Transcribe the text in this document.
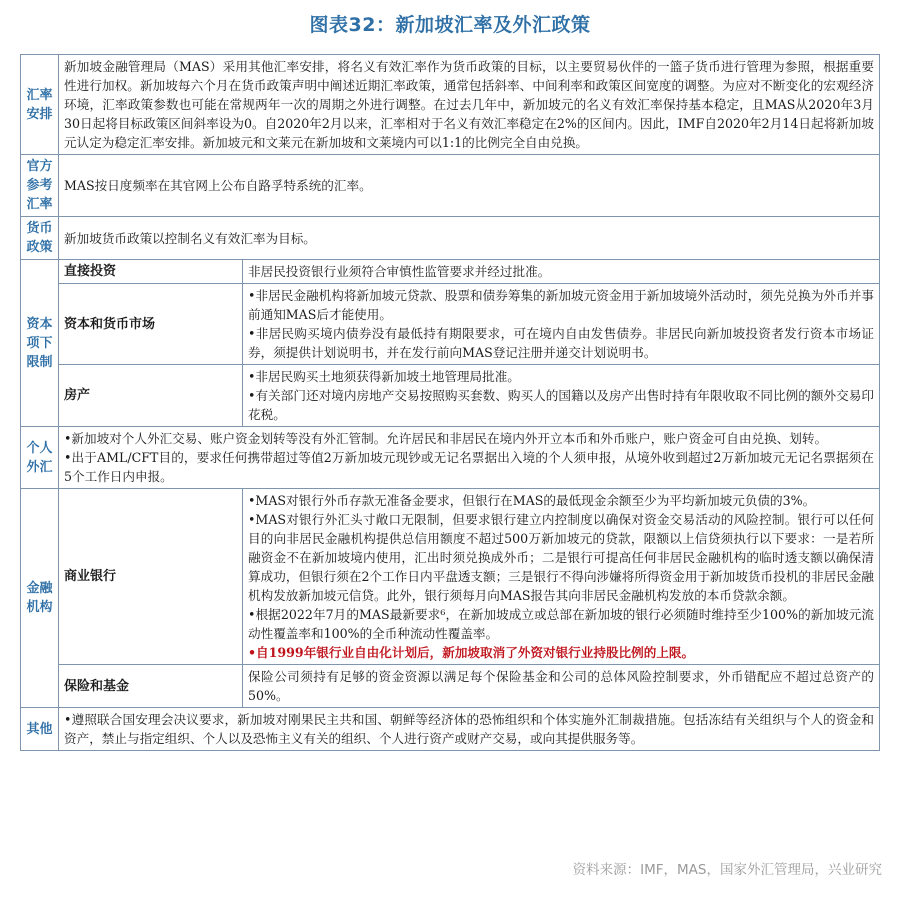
图表32：新加坡汇率及外汇政策
汇率安排	新加坡金融管理局（MAS）采用其他汇率安排，将名义有效汇率作为货币政策的目标，以主要贸易伙伴的一篮子货币进行管理为参照，根据重要性进行加权。新加坡每六个月在货币政策声明中阐述近期汇率政策，通常包括斜率、中间利率和政策区间宽度的调整。为应对不断变化的宏观经济环境，汇率政策参数也可能在常规两年一次的周期之外进行调整。在过去几年中，新加坡元的名义有效汇率保持基本稳定，且MAS从2020年3月30日起将目标政策区间斜率设为0。自2020年2月以来，汇率相对于名义有效汇率稳定在2%的区间内。因此，IMF自2020年2月14日起将新加坡元认定为稳定汇率安排。新加坡元和文莱元在新加坡和文莱境内可以1:1的比例完全自由兑换。	
官方参考汇率	MAS按日度频率在其官网上公布自路孚特系统的汇率。	
货币政策	新加坡货币政策以控制名义有效汇率为目标。	
资本项下限制	直接投资	非居民投资银行业须符合审慎性监管要求并经过批准。
	资本和货币市场	•非居民金融机构将新加坡元贷款、股票和债券筹集的新加坡元资金用于新加坡境外活动时，须先兑换为外币并事前通知MAS后才能使用。
•非居民购买境内债券没有最低持有期限要求，可在境内自由发售债券。非居民向新加坡投资者发行资本市场证券，须提供计划说明书，并在发行前向MAS登记注册并递交计划说明书。

	房产	•非居民购买土地须获得新加坡土地管理局批准。
•有关部门还对境内房地产交易按照购买套数、购买人的国籍以及房产出售时持有年限收取不同比例的额外交易印花税。

个人外汇	•新加坡对个人外汇交易、账户资金划转等没有外汇管制。允许居民和非居民在境内外开立本币和外币账户，账户资金可自由兑换、划转。
•出于AML/CFT目的，要求任何携带超过等值2万新加坡元现钞或无记名票据出入境的个人须申报，从境外收到超过2万新加坡元无记名票据须在5个工作日内申报。	

金融机构	商业银行	•MAS对银行外币存款无准备金要求，但银行在MAS的最低现金余额至少为平均新加坡元负债的3%。
•MAS对银行外汇头寸敞口无限制，但要求银行建立内控制度以确保对资金交易活动的风险控制。银行可以任何目的向非居民金融机构提供总信用额度不超过500万新加坡元的贷款，限额以上信贷须执行以下要求：一是若所融资金不在新加坡境内使用，汇出时须兑换成外币；二是银行可提高任何非居民金融机构的临时透支额以确保清算成功，但银行须在2个工作日内平盘透支额；三是银行不得向涉嫌将所得资金用于新加坡货币投机的非居民金融机构发放新加坡元信贷。此外，银行须每月向MAS报告其向非居民金融机构发放的本币贷款余额。
•根据2022年7月的MAS最新要求⁶，在新加坡成立或总部在新加坡的银行必须随时维持至少100%的新加坡元流动性覆盖率和100%的全币种流动性覆盖率。
•自1999年银行业自由化计划后，新加坡取消了外资对银行业持股比例的上限。

	保险和基金	保险公司须持有足够的资金资源以满足每个保险基金和公司的总体风险控制要求，外币错配应不超过总资产的50%。
其他	•遵照联合国安理会决议要求，新加坡对刚果民主共和国、朝鲜等经济体的恐怖组织和个体实施外汇制裁措施。包括冻结有关组织与个人的资金和资产，禁止与指定组织、个人以及恐怖主义有关的组织、个人进行资产或财产交易，或向其提供服务等。	
资料来源：IMF，MAS，国家外汇管理局，兴业研究
